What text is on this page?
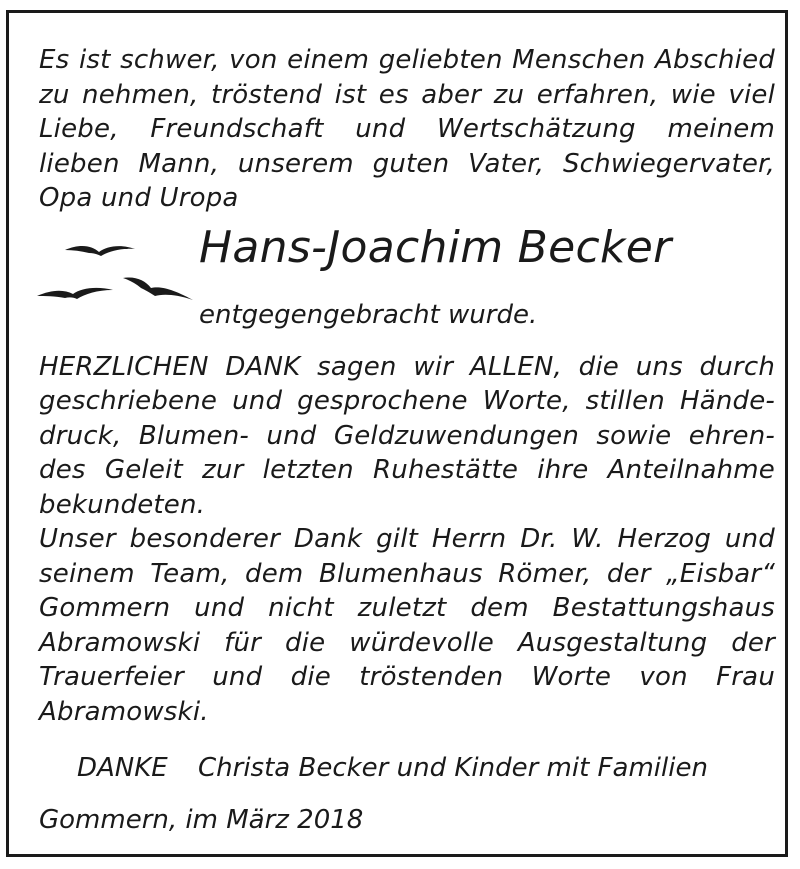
Es ist schwer, von einem geliebten Menschen Abschied
zu nehmen, tröstend ist es aber zu erfahren, wie viel
Liebe, Freundschaft und Wertschätzung meinem
lieben Mann, unserem guten Vater, Schwiegervater,
Opa und Uropa
Hans-Joachim Becker
entgegengebracht wurde.
HERZLICHEN DANK sagen wir ALLEN, die uns durch
geschriebene und gesprochene Worte, stillen Hände-
druck, Blumen- und Geldzuwendungen sowie ehren-
des Geleit zur letzten Ruhestätte ihre Anteilnahme
bekundeten.
Unser besonderer Dank gilt Herrn Dr. W. Herzog und
seinem Team, dem Blumenhaus Römer, der „Eisbar“
Gommern und nicht zuletzt dem Bestattungshaus
Abramowski für die würdevolle Ausgestaltung der
Trauerfeier und die tröstenden Worte von Frau
Abramowski.
DANKE Christa Becker und Kinder mit Familien
Gommern, im März 2018
